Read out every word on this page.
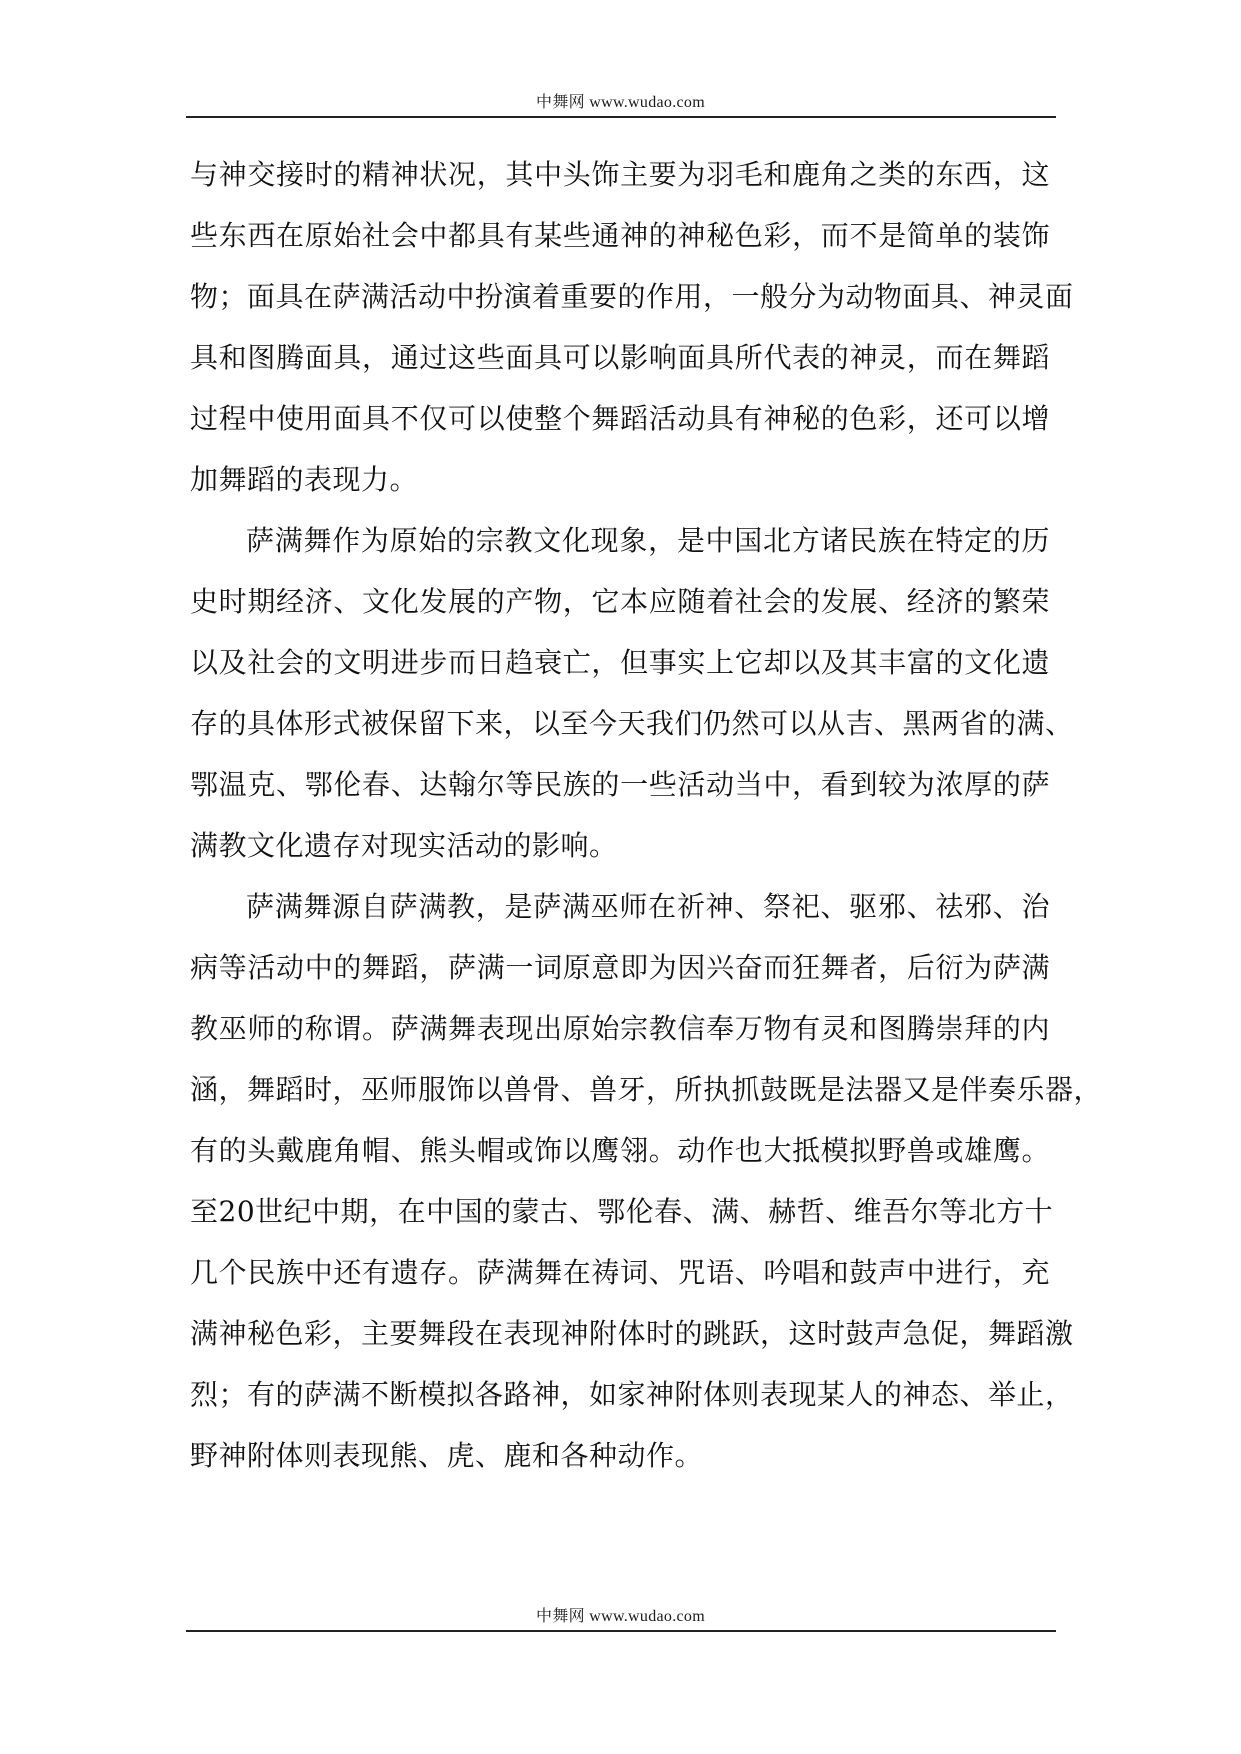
中舞网 www.wudao.com
与神交接时的精神状况，其中头饰主要为羽毛和鹿角之类的东西，这
些东西在原始社会中都具有某些通神的神秘色彩，而不是简单的装饰
物；面具在萨满活动中扮演着重要的作用，一般分为动物面具、神灵面
具和图腾面具，通过这些面具可以影响面具所代表的神灵，而在舞蹈
过程中使用面具不仅可以使整个舞蹈活动具有神秘的色彩，还可以增
加舞蹈的表现力。
萨满舞作为原始的宗教文化现象，是中国北方诸民族在特定的历
史时期经济、文化发展的产物，它本应随着社会的发展、经济的繁荣
以及社会的文明进步而日趋衰亡，但事实上它却以及其丰富的文化遗
存的具体形式被保留下来，以至今天我们仍然可以从吉、黑两省的满、
鄂温克、鄂伦春、达翰尔等民族的一些活动当中，看到较为浓厚的萨
满教文化遗存对现实活动的影响。
萨满舞源自萨满教，是萨满巫师在祈神、祭祀、驱邪、祛邪、治
病等活动中的舞蹈，萨满一词原意即为因兴奋而狂舞者，后衍为萨满
教巫师的称谓。萨满舞表现出原始宗教信奉万物有灵和图腾崇拜的内
涵，舞蹈时，巫师服饰以兽骨、兽牙，所执抓鼓既是法器又是伴奏乐器，
有的头戴鹿角帽、熊头帽或饰以鹰翎。动作也大抵模拟野兽或雄鹰。
至20世纪中期，在中国的蒙古、鄂伦春、满、赫哲、维吾尔等北方十
几个民族中还有遗存。萨满舞在祷词、咒语、吟唱和鼓声中进行，充
满神秘色彩，主要舞段在表现神附体时的跳跃，这时鼓声急促，舞蹈激
烈；有的萨满不断模拟各路神，如家神附体则表现某人的神态、举止，
野神附体则表现熊、虎、鹿和各种动作。
中舞网 www.wudao.com
